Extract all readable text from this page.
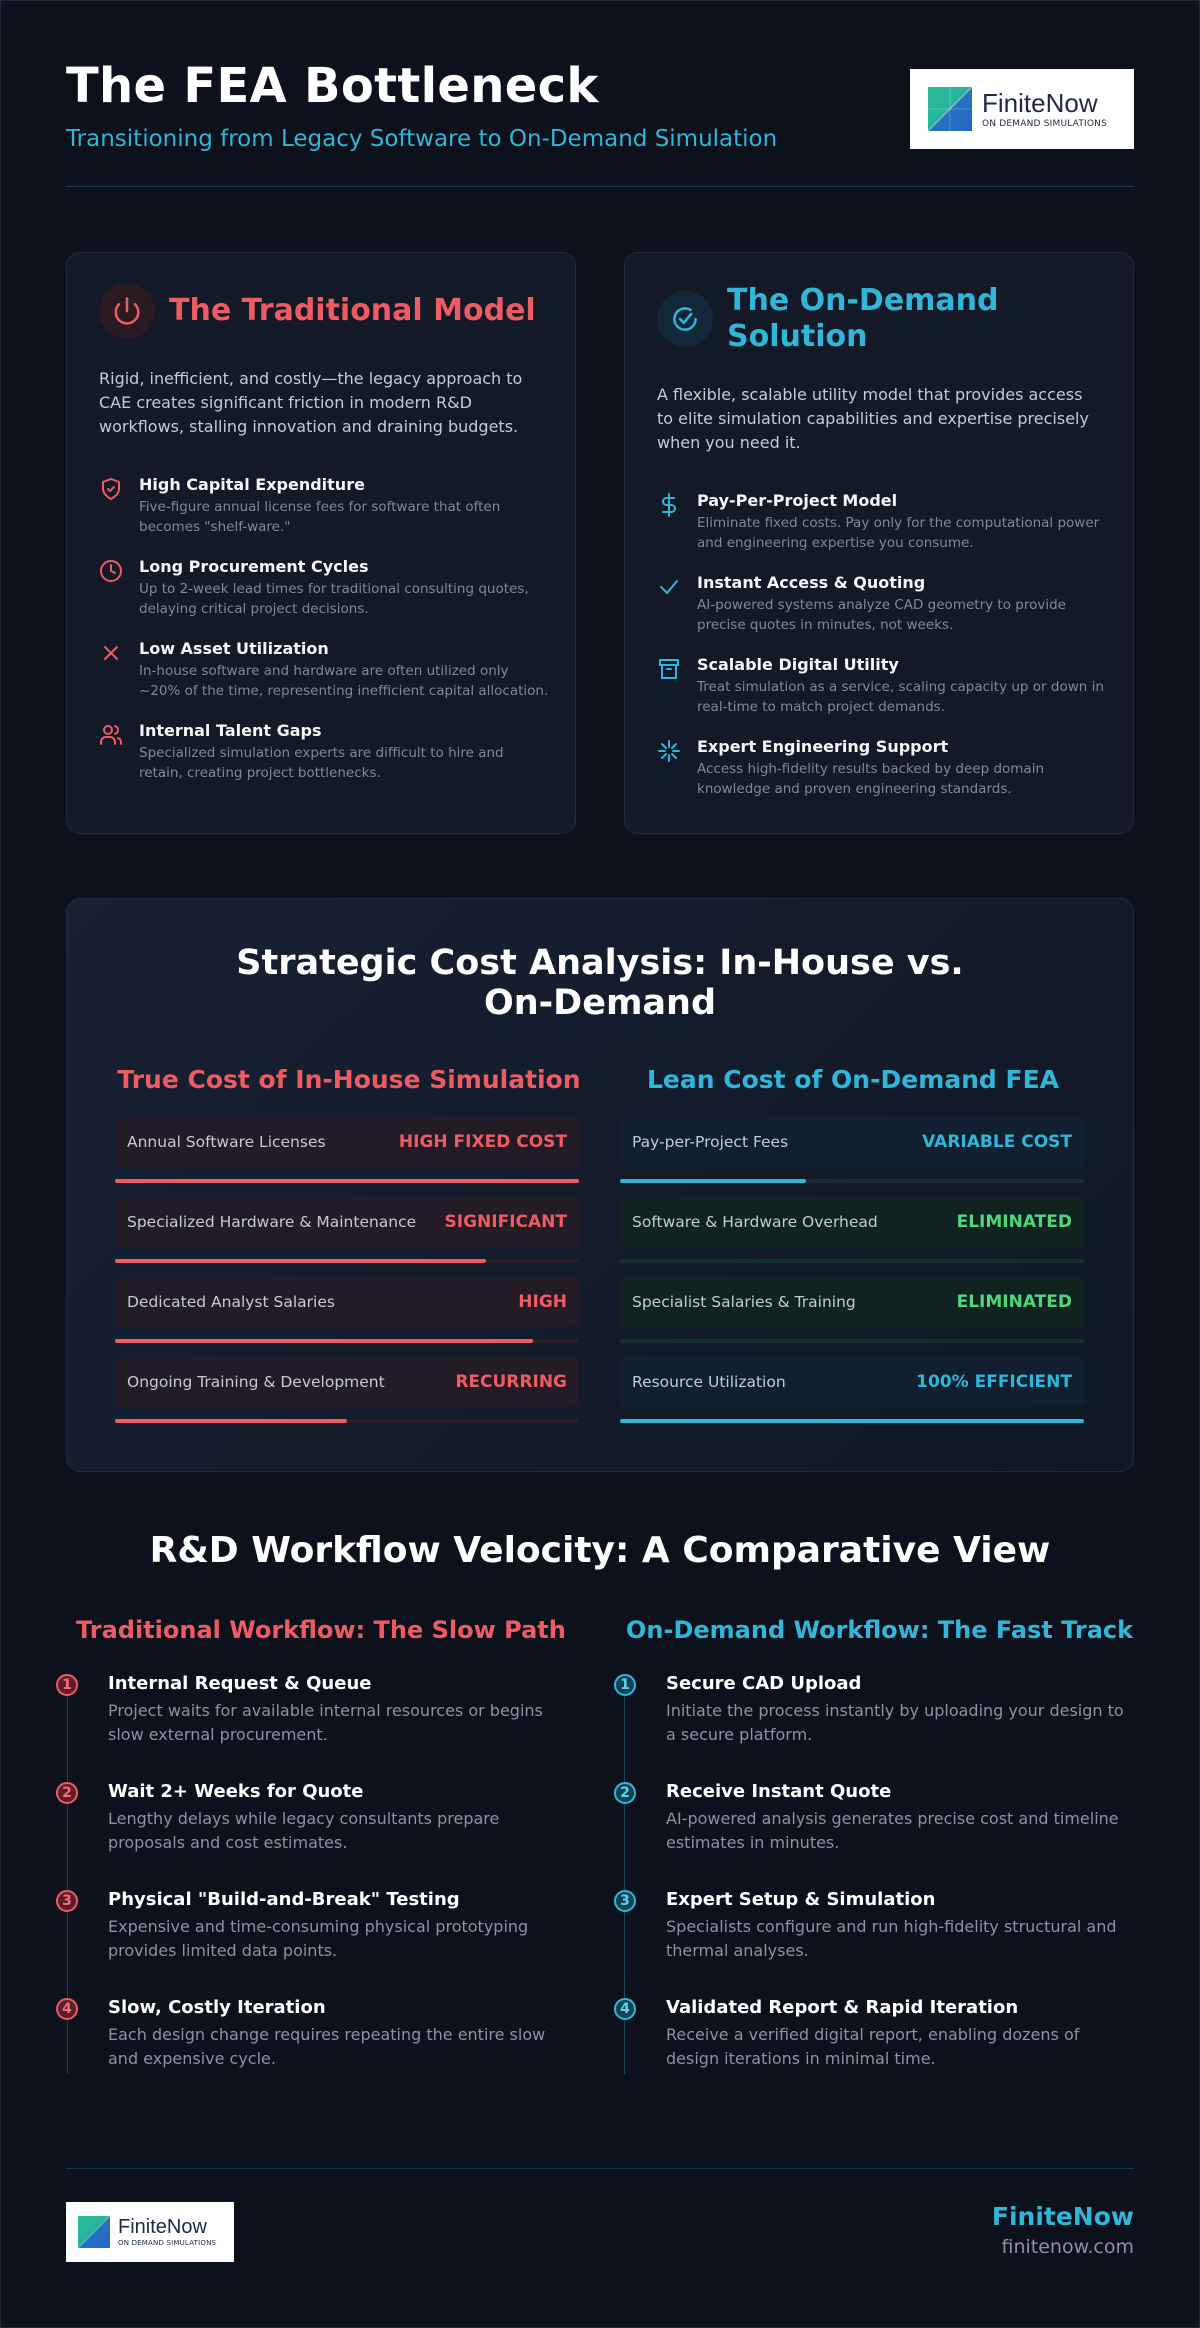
The FEA Bottleneck
Transitioning from Legacy Software to On-Demand Simulation
FiniteNow
ON DEMAND SIMULATIONS
The Traditional Model
Rigid, inefficient, and costly—the legacy approach to CAE creates significant friction in modern R&D workflows, stalling innovation and draining budgets.
High Capital Expenditure
Five-figure annual license fees for software that often becomes "shelf-ware."
Long Procurement Cycles
Up to 2-week lead times for traditional consulting quotes, delaying critical project decisions.
Low Asset Utilization
In-house software and hardware are often utilized only ~20% of the time, representing inefficient capital allocation.
Internal Talent Gaps
Specialized simulation experts are difficult to hire and retain, creating project bottlenecks.
The On-Demand Solution
A flexible, scalable utility model that provides access to elite simulation capabilities and expertise precisely when you need it.
Pay-Per-Project Model
Eliminate fixed costs. Pay only for the computational power and engineering expertise you consume.
Instant Access & Quoting
AI-powered systems analyze CAD geometry to provide precise quotes in minutes, not weeks.
Scalable Digital Utility
Treat simulation as a service, scaling capacity up or down in real-time to match project demands.
Expert Engineering Support
Access high-fidelity results backed by deep domain knowledge and proven engineering standards.
Strategic Cost Analysis: In-House vs. On-Demand
True Cost of In-House Simulation	Lean Cost of On-Demand FEA
Annual Software Licenses	HIGH FIXED COST
Specialized Hardware & Maintenance SIGNIFICANT
Dedicated Analyst Salaries	HIGH
Ongoing Training & Development	RECURRING
Pay-per-Project Fees	VARIABLE COST
Software & Hardware Overhead	ELIMINATED
Specialist Salaries & Training	ELIMINATED
Resource Utilization	100% EFFICIENT
R&D Workflow Velocity: A Comparative View
Traditional Workflow: The Slow Path	On-Demand Workflow: The Fast Track
1	Internal Request & Queue
Project waits for available internal resources or begins slow external procurement.
2	Wait 2+ Weeks for Quote
Lengthy delays while legacy consultants prepare proposals and cost estimates.
3	Physical "Build-and-Break" Testing
Expensive and time-consuming physical prototyping provides limited data points.
4	Slow, Costly Iteration
Each design change requires repeating the entire slow and expensive cycle.
1	Secure CAD Upload
Initiate the process instantly by uploading your design to a secure platform.
2	Receive Instant Quote
AI-powered analysis generates precise cost and timeline estimates in minutes.
3	Expert Setup & Simulation
Specialists configure and run high-fidelity structural and thermal analyses.
4	Validated Report & Rapid Iteration
Receive a verified digital report, enabling dozens of design iterations in minimal time.
FiniteNow
ON DEMAND SIMULATIONS
FiniteNow
finitenow.com
